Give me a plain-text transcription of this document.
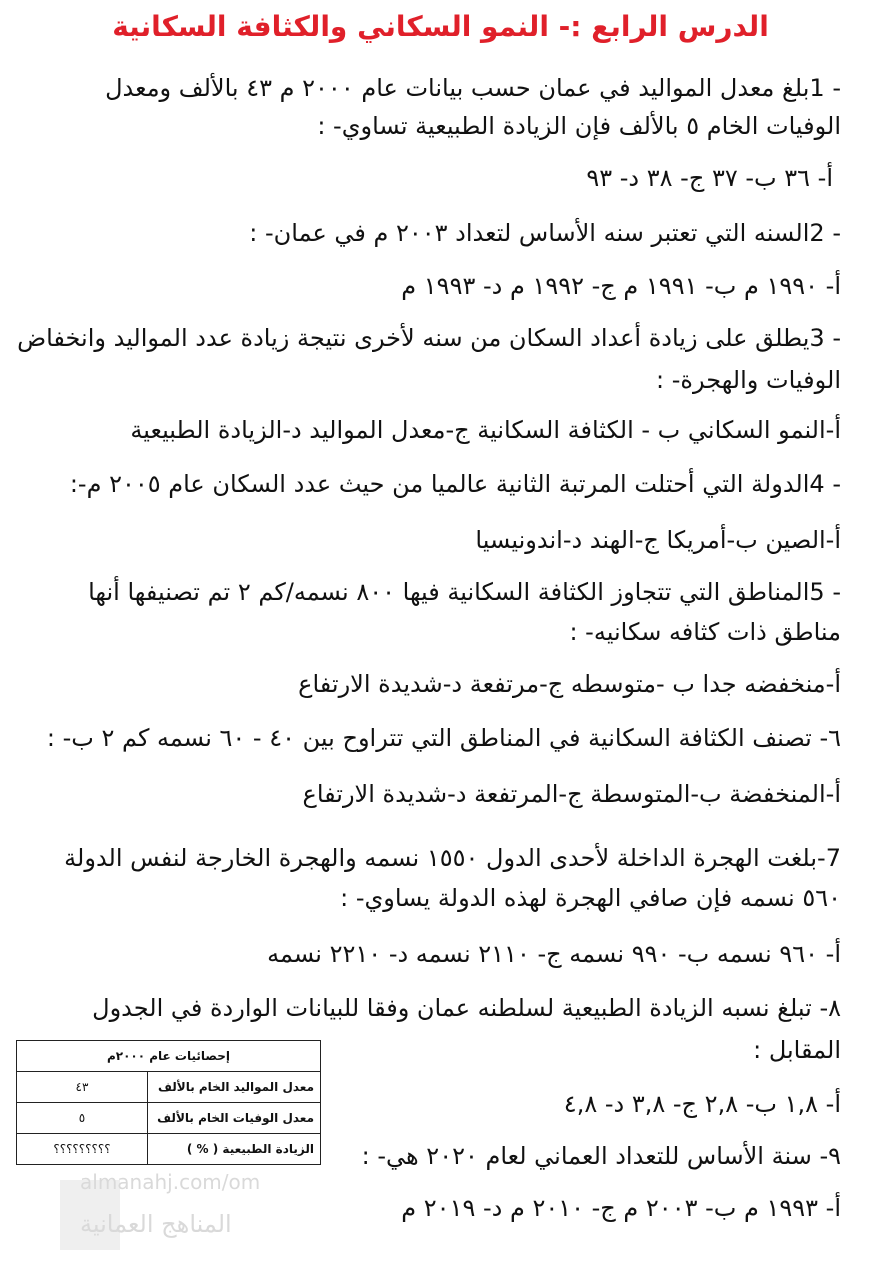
الدرس الرابع :- النمو السكاني والكثافة السكانية
- 1بلغ معدل المواليد في عمان حسب بيانات عام ٢٠٠٠ م ٤٣ بالألف ومعدل
الوفيات الخام ٥ بالألف فإن الزيادة الطبيعية تساوي- :
أ- ٣٦ ب- ٣٧ ج- ٣٨ د- ٩٣
- 2السنه التي تعتبر سنه الأساس لتعداد ٢٠٠٣ م في عمان- :
أ- ١٩٩٠ م ب- ١٩٩١ م ج- ١٩٩٢ م د- ١٩٩٣ م
- 3يطلق على زيادة أعداد السكان من سنه لأخرى نتيجة زيادة عدد المواليد وانخفاض
الوفيات والهجرة- :
أ-النمو السكاني ب - الكثافة السكانية ج-معدل المواليد د-الزيادة الطبيعية
- 4الدولة التي أحتلت المرتبة الثانية عالميا من حيث عدد السكان عام ٢٠٠٥ م-:
أ-الصين ب-أمريكا ج-الهند د-اندونيسيا
- 5المناطق التي تتجاوز الكثافة السكانية فيها ٨٠٠ نسمه/كم ٢ تم تصنيفها أنها
مناطق ذات كثافه سكانيه- :
أ-منخفضه جدا ب -متوسطه ج-مرتفعة د-شديدة الارتفاع
٦- تصنف الكثافة السكانية في المناطق التي تتراوح بين ٤٠ - ٦٠ نسمه كم ٢ ب- :
أ-المنخفضة ب-المتوسطة ج-المرتفعة د-شديدة الارتفاع
7-بلغت الهجرة الداخلة لأحدى الدول ١٥٥٠ نسمه والهجرة الخارجة لنفس الدولة
٥٦٠ نسمه فإن صافي الهجرة لهذه الدولة يساوي- :
أ- ٩٦٠ نسمه ب- ٩٩٠ نسمه ج- ٢١١٠ نسمه د- ٢٢١٠ نسمه
٨- تبلغ نسبه الزيادة الطبيعية لسلطنه عمان وفقا للبيانات الواردة في الجدول
المقابل :
أ- ١,٨ ب- ٢,٨ ج- ٣,٨ د- ٤,٨
٩- سنة الأساس للتعداد العماني لعام ٢٠٢٠ هي- :
أ- ١٩٩٣ م ب- ٢٠٠٣ م ج- ٢٠١٠ م د- ٢٠١٩ م
إحصائيات عام ٢٠٠٠م	
معدل المواليد الخام بالألف	٤٣
معدل الوفيات الخام بالألف	٥
الزيادة الطبيعية ( % )	؟؟؟؟؟؟؟؟؟
almanahj.com/om
المناهج العمانية
